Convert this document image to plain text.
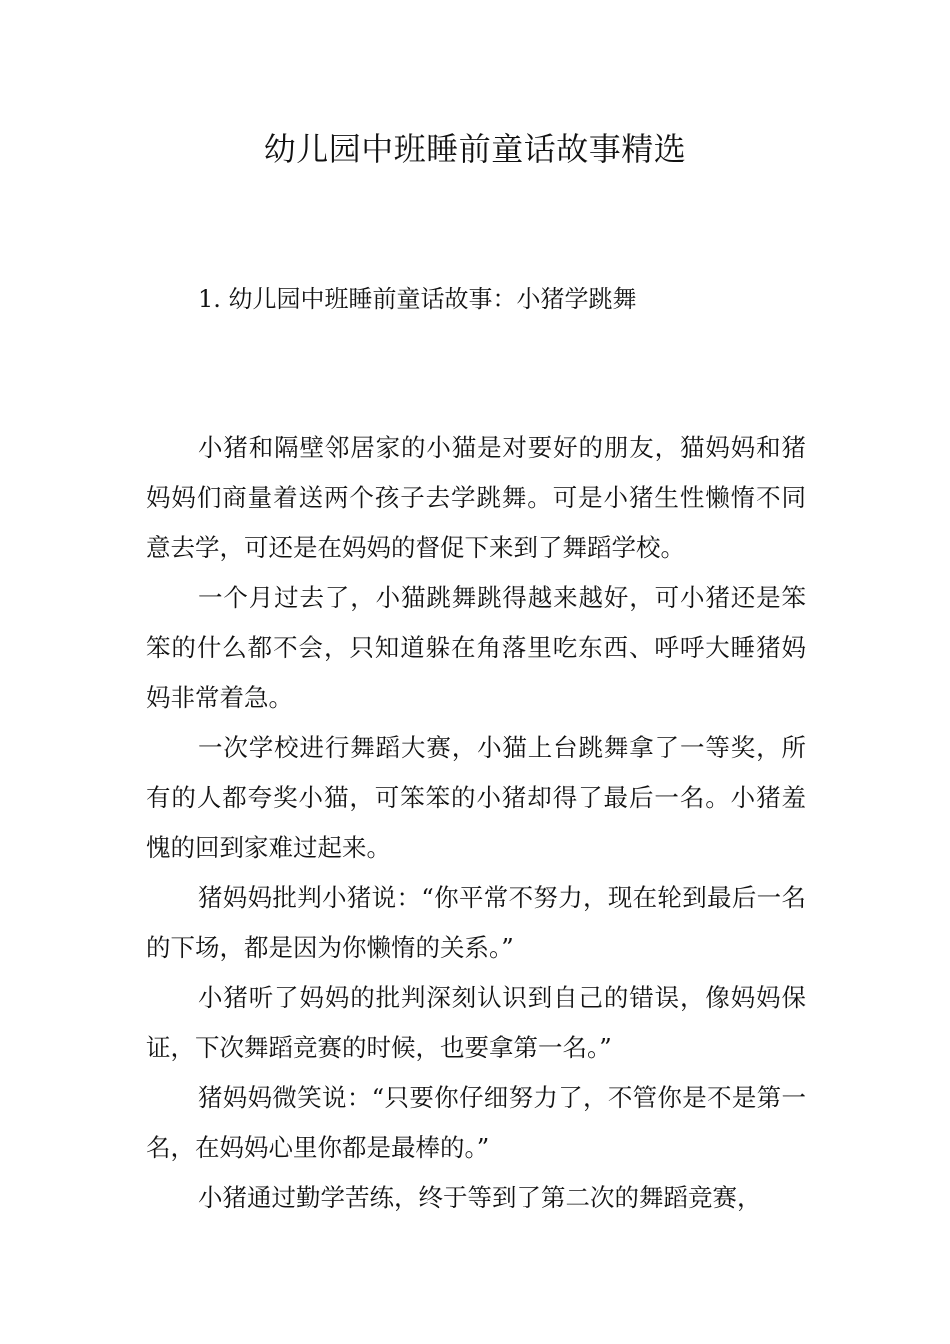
幼儿园中班睡前童话故事精选
1. 幼儿园中班睡前童话故事：小猪学跳舞

小猪和隔壁邻居家的小猫是对要好的朋友，猫妈妈和猪妈妈们商量着送两个孩子去学跳舞。可是小猪生性懒惰不同意去学，可还是在妈妈的督促下来到了舞蹈学校。

一个月过去了，小猫跳舞跳得越来越好，可小猪还是笨笨的什么都不会，只知道躲在角落里吃东西、呼呼大睡猪妈妈非常着急。

一次学校进行舞蹈大赛，小猫上台跳舞拿了一等奖，所有的人都夸奖小猫，可笨笨的小猪却得了最后一名。小猪羞愧的回到家难过起来。

猪妈妈批判小猪说：“你平常不努力，现在轮到最后一名的下场，都是因为你懒惰的关系。”

小猪听了妈妈的批判深刻认识到自己的错误，像妈妈保证，下次舞蹈竞赛的时候，也要拿第一名。”

猪妈妈微笑说：“只要你仔细努力了，不管你是不是第一名，在妈妈心里你都是最棒的。”

小猪通过勤学苦练，终于等到了第二次的舞蹈竞赛，
